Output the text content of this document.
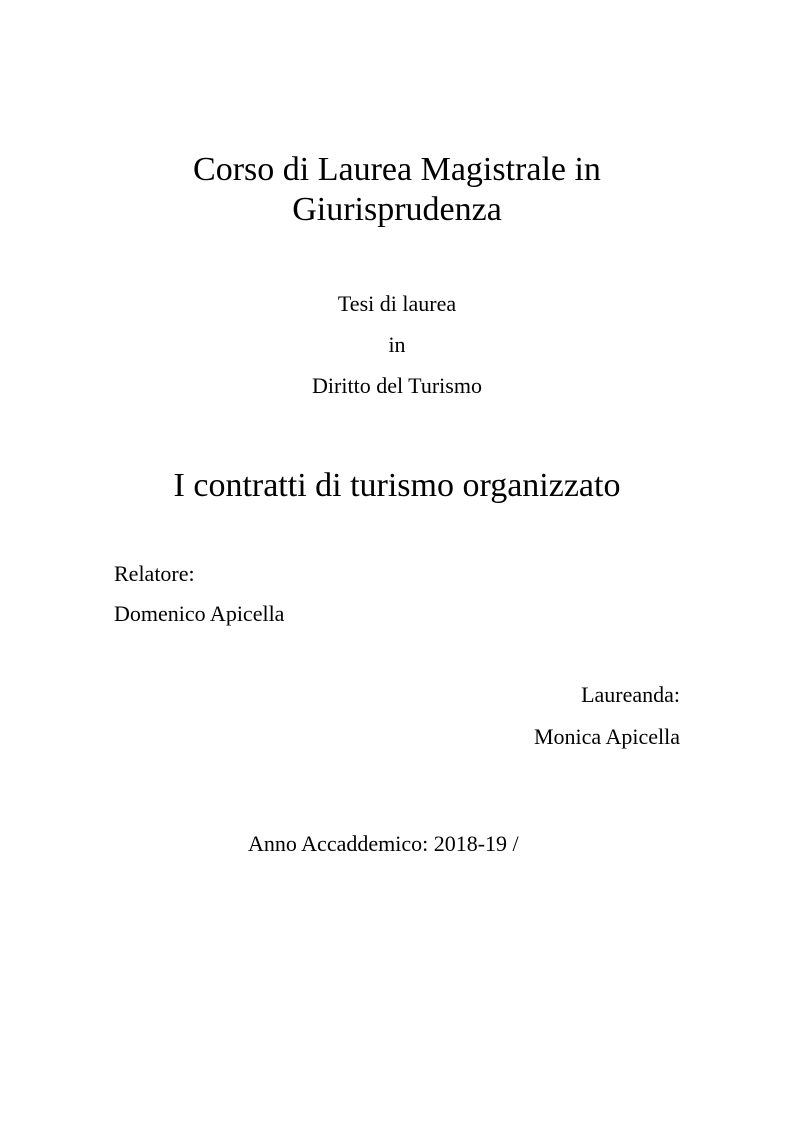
Corso di Laurea Magistrale in
Giurisprudenza
Tesi di laurea
in
Diritto del Turismo
I contratti di turismo organizzato
Relatore:
Domenico Apicella
Laureanda:
Monica Apicella
Anno Accaddemico: 2018-19 /
